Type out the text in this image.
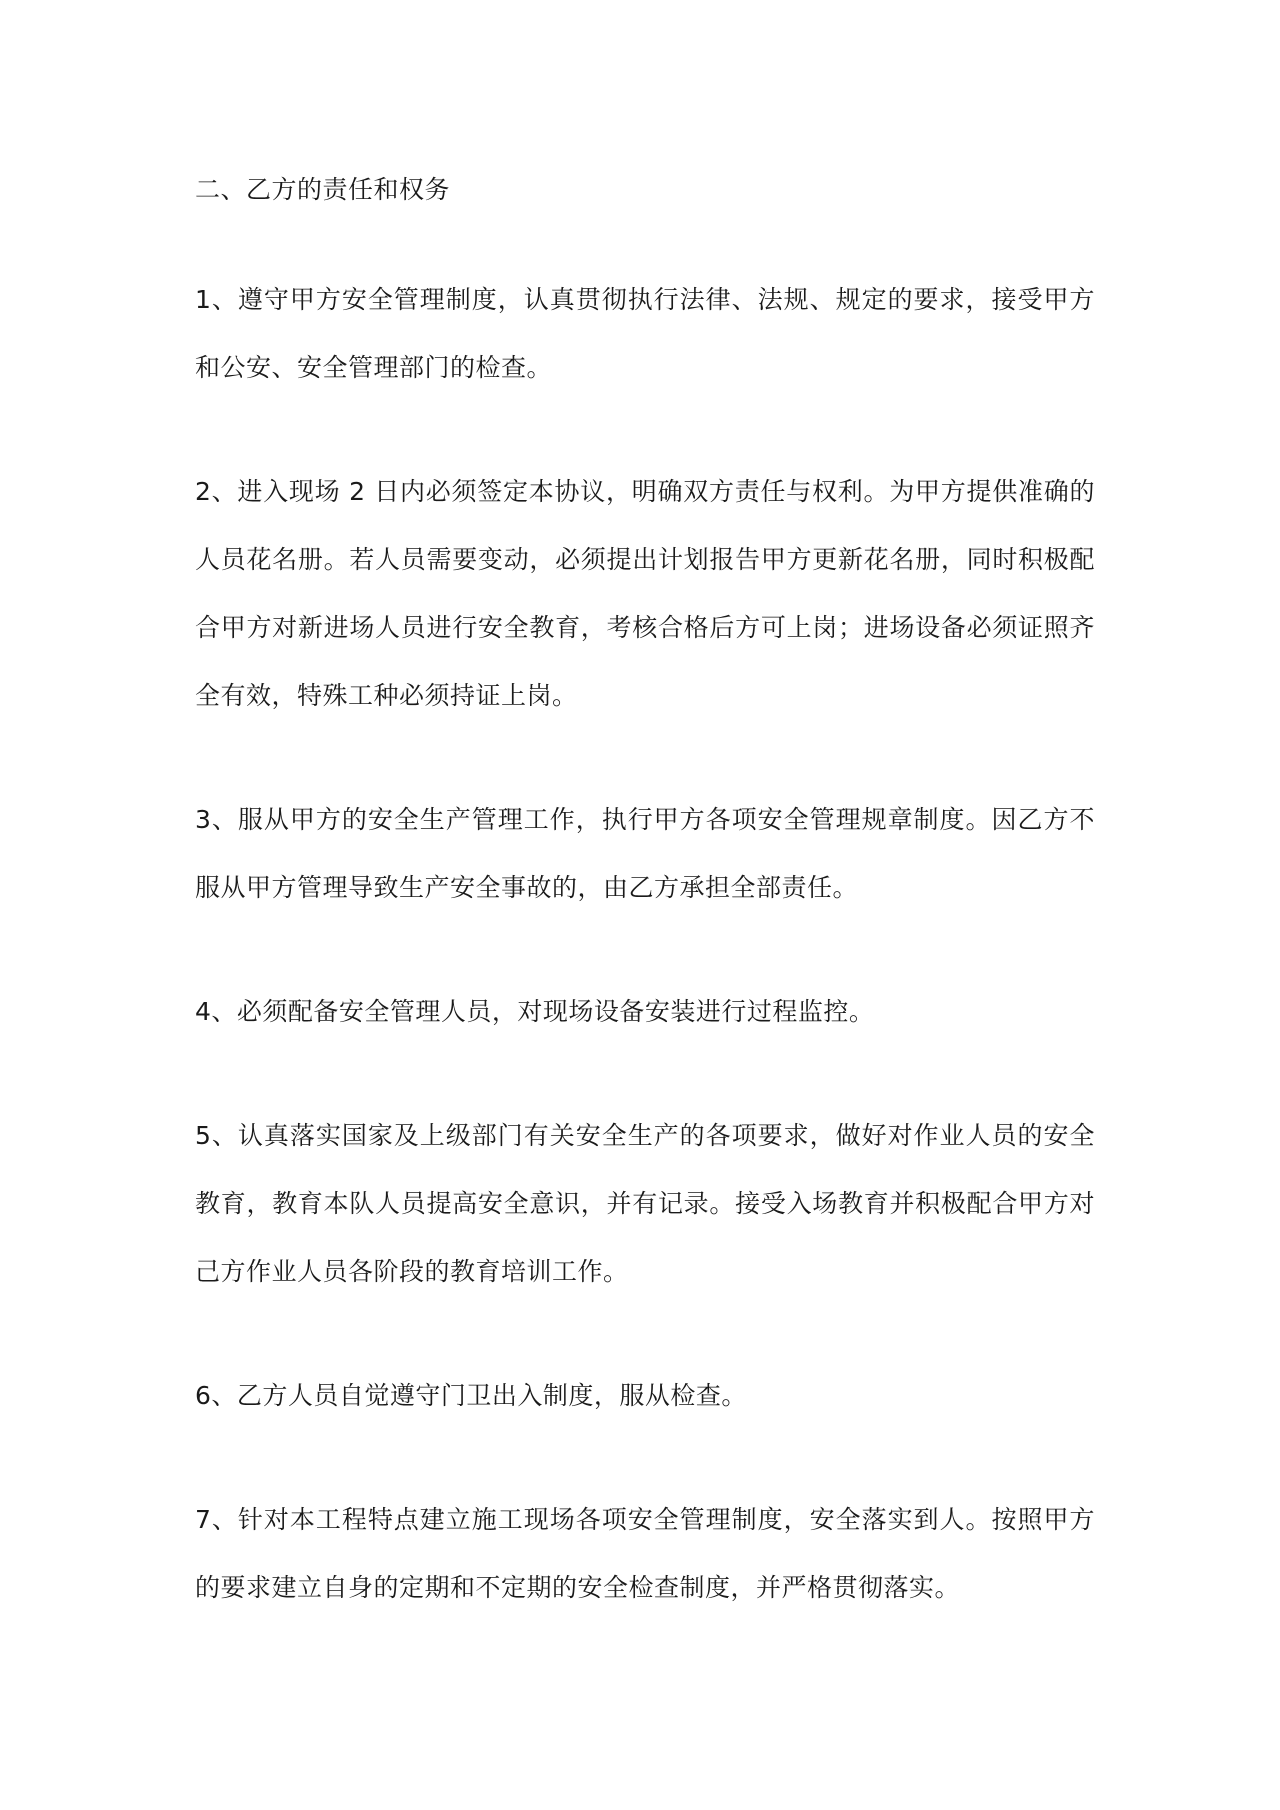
二、乙方的责任和权务

1、遵守甲方安全管理制度，认真贯彻执行法律、法规、规定的要求，接受甲方和公安、安全管理部门的检查。

2、进入现场 2 日内必须签定本协议，明确双方责任与权利。为甲方提供准确的人员花名册。若人员需要变动，必须提出计划报告甲方更新花名册，同时积极配合甲方对新进场人员进行安全教育，考核合格后方可上岗；进场设备必须证照齐全有效，特殊工种必须持证上岗。

3、服从甲方的安全生产管理工作，执行甲方各项安全管理规章制度。因乙方不服从甲方管理导致生产安全事故的，由乙方承担全部责任。

4、必须配备安全管理人员，对现场设备安装进行过程监控。

5、认真落实国家及上级部门有关安全生产的各项要求，做好对作业人员的安全教育，教育本队人员提高安全意识，并有记录。接受入场教育并积极配合甲方对己方作业人员各阶段的教育培训工作。

6、乙方人员自觉遵守门卫出入制度，服从检查。

7、针对本工程特点建立施工现场各项安全管理制度，安全落实到人。按照甲方的要求建立自身的定期和不定期的安全检查制度，并严格贯彻落实。
